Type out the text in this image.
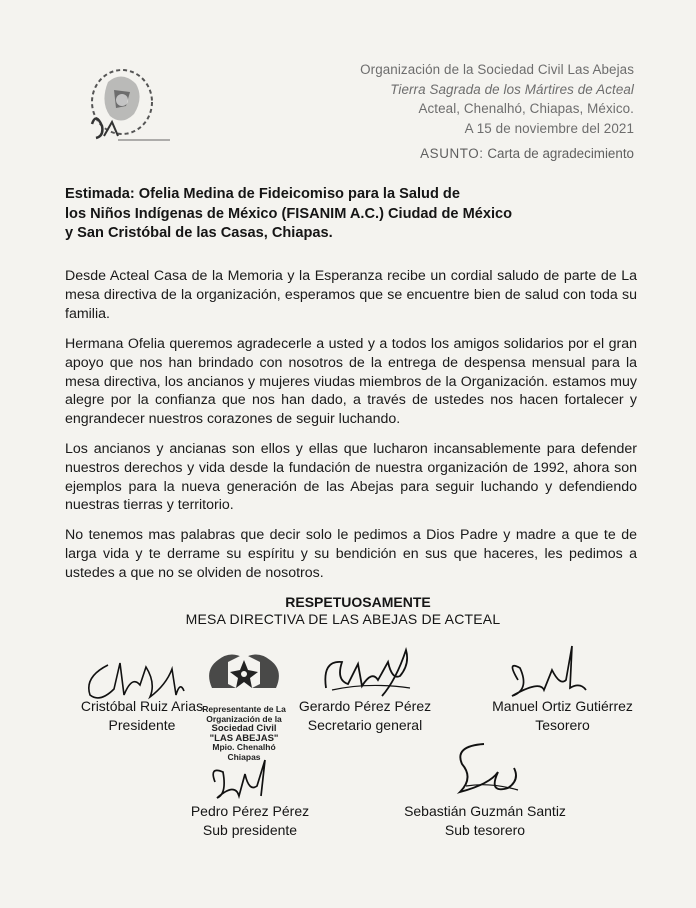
Organización de la Sociedad Civil Las Abejas
Tierra Sagrada de los Mártires de Acteal
Acteal, Chenalhó, Chiapas, México.
A 15 de noviembre del 2021
ASUNTO: Carta de agradecimiento
Estimada: Ofelia Medina de Fideicomiso para la Salud de
los Niños Indígenas de México (FISANIM A.C.) Ciudad de México
y San Cristóbal de las Casas, Chiapas.
Desde Acteal Casa de la Memoria y la Esperanza recibe un cordial saludo de parte de La mesa directiva de la organización, esperamos que se encuentre bien de salud con toda su familia.
Hermana Ofelia queremos agradecerle a usted y a todos los amigos solidarios por el gran apoyo que nos han brindado con nosotros de la entrega de despensa mensual para la mesa directiva, los ancianos y mujeres viudas miembros de la Organización. estamos muy alegre por la confianza que nos han dado, a través de ustedes nos hacen fortalecer y engrandecer nuestros corazones de seguir luchando.
Los ancianos y ancianas son ellos y ellas que lucharon incansablemente para defender nuestros derechos y vida desde la fundación de nuestra organización de 1992, ahora son ejemplos para la nueva generación de las Abejas para seguir luchando y defendiendo nuestras tierras y territorio.
No tenemos mas palabras que decir solo le pedimos a Dios Padre y madre a que te de larga vida y te derrame su espíritu y su bendición en sus que haceres, les pedimos a ustedes a que no se olviden de nosotros.
RESPETUOSAMENTE
MESA DIRECTIVA DE LAS ABEJAS DE ACTEAL
Representante de La
Organización de la
Sociedad Civil
"LAS ABEJAS"
Mpio. Chenalhó
Chiapas
Cristóbal Ruiz Arias
Presidente
Gerardo Pérez Pérez
Secretario general
Manuel Ortiz Gutiérrez
Tesorero
Pedro Pérez Pérez
Sub presidente
Sebastián Guzmán Santiz
Sub tesorero
